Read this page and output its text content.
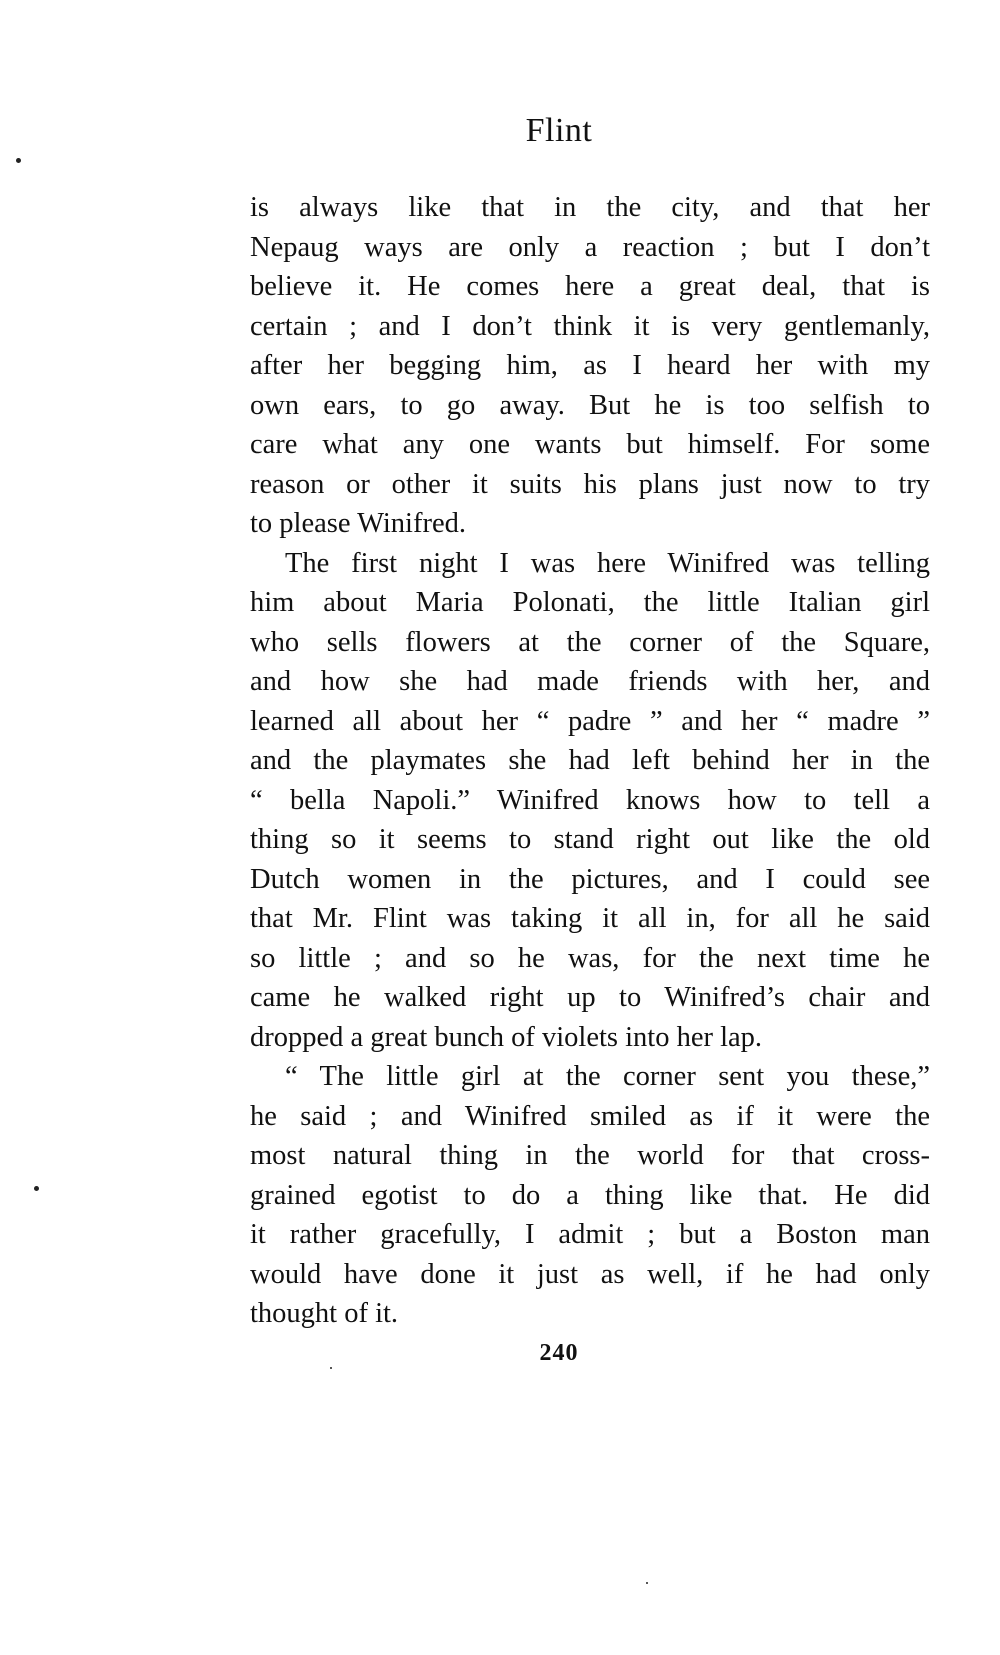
Flint
is always like that in the city, and that her
Nepaug ways are only a reaction ; but I don’t
believe it. He comes here a great deal, that is
certain ; and I don’t think it is very gentlemanly,
after her begging him, as I heard her with my
own ears, to go away. But he is too selfish to
care what any one wants but himself. For some
reason or other it suits his plans just now to try
to please Winifred.
The first night I was here Winifred was telling
him about Maria Polonati, the little Italian girl
who sells flowers at the corner of the Square,
and how she had made friends with her, and
learned all about her “ padre ” and her “ madre ”
and the playmates she had left behind her in the
“ bella Napoli.” Winifred knows how to tell a
thing so it seems to stand right out like the old
Dutch women in the pictures, and I could see
that Mr. Flint was taking it all in, for all he said
so little ; and so he was, for the next time he
came he walked right up to Winifred’s chair and
dropped a great bunch of violets into her lap.
“ The little girl at the corner sent you these,”
he said ; and Winifred smiled as if it were the
most natural thing in the world for that cross-
grained egotist to do a thing like that. He did
it rather gracefully, I admit ; but a Boston man
would have done it just as well, if he had only
thought of it.
240
